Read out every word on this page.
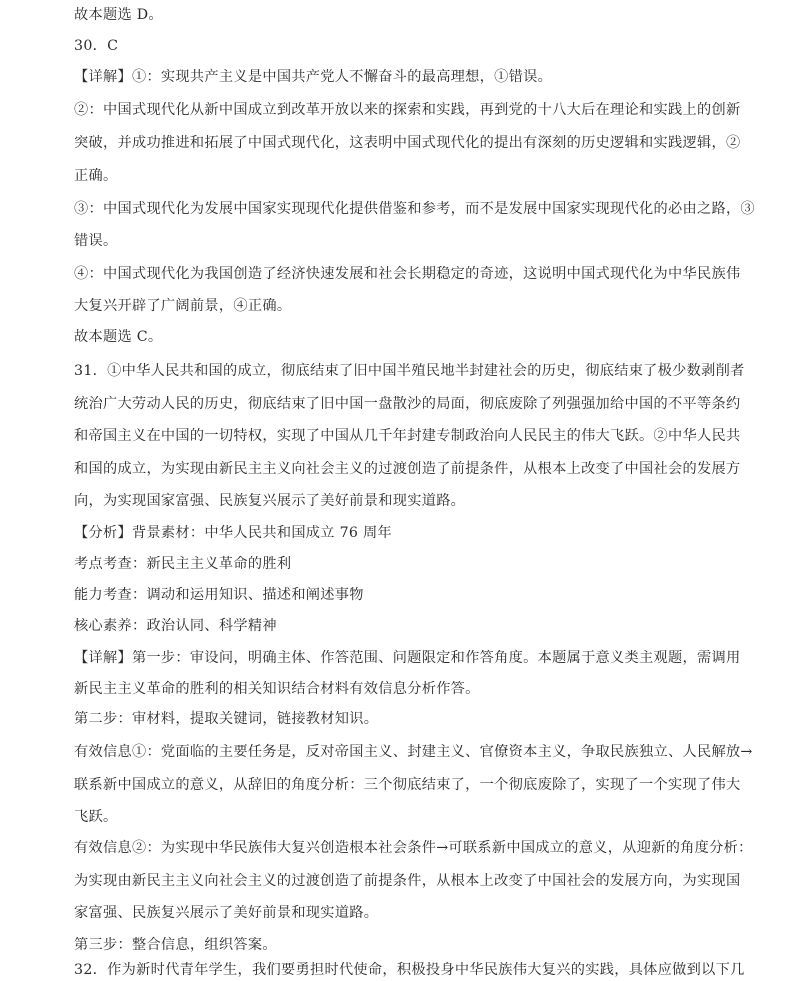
故本题选 D。
30．C
【详解】①：实现共产主义是中国共产党人不懈奋斗的最高理想，①错误。
②：中国式现代化从新中国成立到改革开放以来的探索和实践，再到党的十八大后在理论和实践上的创新
突破，并成功推进和拓展了中国式现代化，这表明中国式现代化的提出有深刻的历史逻辑和实践逻辑，②
正确。
③：中国式现代化为发展中国家实现现代化提供借鉴和参考，而不是发展中国家实现现代化的必由之路，③
错误。
④：中国式现代化为我国创造了经济快速发展和社会长期稳定的奇迹，这说明中国式现代化为中华民族伟
大复兴开辟了广阔前景，④正确。
故本题选 C。
31．①中华人民共和国的成立，彻底结束了旧中国半殖民地半封建社会的历史，彻底结束了极少数剥削者
统治广大劳动人民的历史，彻底结束了旧中国一盘散沙的局面，彻底废除了列强强加给中国的不平等条约
和帝国主义在中国的一切特权，实现了中国从几千年封建专制政治向人民民主的伟大飞跃。②中华人民共
和国的成立，为实现由新民主主义向社会主义的过渡创造了前提条件，从根本上改变了中国社会的发展方
向，为实现国家富强、民族复兴展示了美好前景和现实道路。
【分析】背景素材：中华人民共和国成立 76 周年
考点考查：新民主主义革命的胜利
能力考查：调动和运用知识、描述和阐述事物
核心素养：政治认同、科学精神
【详解】第一步：审设问，明确主体、作答范围、问题限定和作答角度。本题属于意义类主观题，需调用
新民主主义革命的胜利的相关知识结合材料有效信息分析作答。
第二步：审材料，提取关键词，链接教材知识。
有效信息①：党面临的主要任务是，反对帝国主义、封建主义、官僚资本主义，争取民族独立、人民解放→
联系新中国成立的意义，从辞旧的角度分析：三个彻底结束了，一个彻底废除了，实现了一个实现了伟大
飞跃。
有效信息②：为实现中华民族伟大复兴创造根本社会条件→可联系新中国成立的意义，从迎新的角度分析：
为实现由新民主主义向社会主义的过渡创造了前提条件，从根本上改变了中国社会的发展方向，为实现国
家富强、民族复兴展示了美好前景和现实道路。
第三步：整合信息，组织答案。
32．作为新时代青年学生，我们要勇担时代使命，积极投身中华民族伟大复兴的实践，具体应做到以下几
